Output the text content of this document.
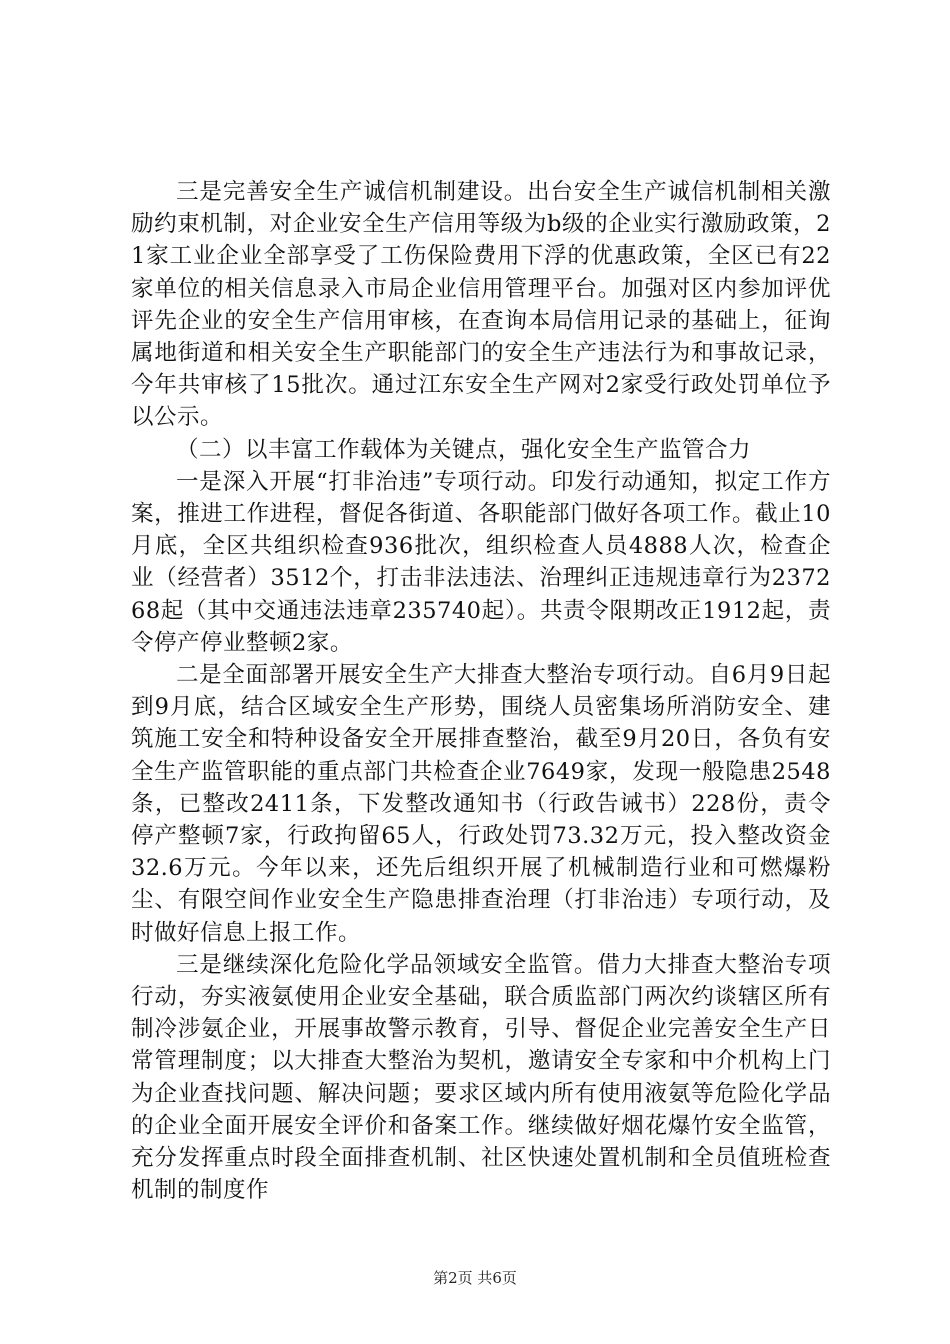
三是完善安全生产诚信机制建设。出台安全生产诚信机制相关激励约束机制，对企业安全生产信用等级为b级的企业实行激励政策，21家工业企业全部享受了工伤保险费用下浮的优惠政策，全区已有22家单位的相关信息录入市局企业信用管理平台。加强对区内参加评优评先企业的安全生产信用审核，在查询本局信用记录的基础上，征询属地街道和相关安全生产职能部门的安全生产违法行为和事故记录，今年共审核了15批次。通过江东安全生产网对2家受行政处罚单位予以公示。

（二）以丰富工作载体为关键点，强化安全生产监管合力

一是深入开展“打非治违”专项行动。印发行动通知，拟定工作方案，推进工作进程，督促各街道、各职能部门做好各项工作。截止10月底，全区共组织检查936批次，组织检查人员4888人次，检查企业（经营者）3512个，打击非法违法、治理纠正违规违章行为237268起（其中交通违法违章235740起）。共责令限期改正1912起，责令停产停业整顿2家。

二是全面部署开展安全生产大排查大整治专项行动。自6月9日起到9月底，结合区域安全生产形势，围绕人员密集场所消防安全、建筑施工安全和特种设备安全开展排查整治，截至9月20日，各负有安全生产监管职能的重点部门共检查企业7649家，发现一般隐患2548条，已整改2411条，下发整改通知书（行政告诫书）228份，责令停产整顿7家，行政拘留65人，行政处罚73.32万元，投入整改资金32.6万元。今年以来，还先后组织开展了机械制造行业和可燃爆粉尘、有限空间作业安全生产隐患排查治理（打非治违）专项行动，及时做好信息上报工作。

三是继续深化危险化学品领域安全监管。借力大排查大整治专项行动，夯实液氨使用企业安全基础，联合质监部门两次约谈辖区所有制冷涉氨企业，开展事故警示教育，引导、督促企业完善安全生产日常管理制度；以大排查大整治为契机，邀请安全专家和中介机构上门为企业查找问题、解决问题；要求区域内所有使用液氨等危险化学品的企业全面开展安全评价和备案工作。继续做好烟花爆竹安全监管，充分发挥重点时段全面排查机制、社区快速处置机制和全员值班检查机制的制度作

第2页 共6页
